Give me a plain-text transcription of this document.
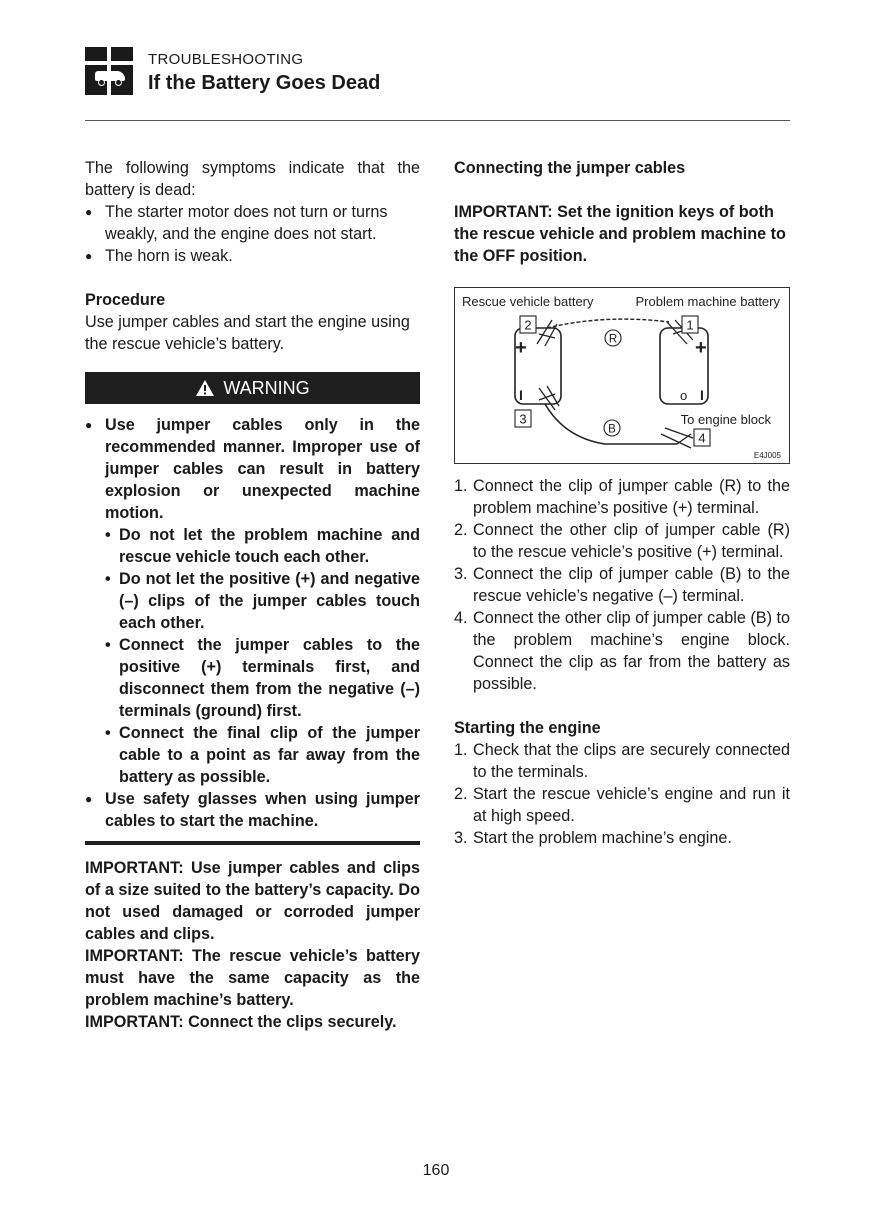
TROUBLESHOOTING
If the Battery Goes Dead

The following symptoms indicate that the battery is dead:

● The starter motor does not turn or turns weakly, and the engine does not start.
● The horn is weak.

Procedure

Use jumper cables and start the engine using the rescue vehicle’s battery.

WARNING
● Use jumper cables only in the recommended manner. Improper use of jumper cables can result in battery explosion or unexpected machine motion.
• Do not let the problem machine and rescue vehicle touch each other.
• Do not let the positive (+) and negative (–) clips of the jumper cables touch each other.
• Connect the jumper cables to the positive (+) terminals first, and disconnect them from the negative (–) terminals (ground) first.
• Connect the final clip of the jumper cable to a point as far away from the battery as possible.
● Use safety glasses when using jumper cables to start the machine.

IMPORTANT: Use jumper cables and clips of a size suited to the battery’s capacity. Do not used damaged or corroded jumper cables and clips.

IMPORTANT: The rescue vehicle’s battery must have the same capacity as the problem machine’s battery.

IMPORTANT: Connect the clips securely.

Connecting the jumper cables

IMPORTANT: Set the ignition keys of both the rescue vehicle and problem machine to the OFF position.

Rescue vehicle battery	Problem machine battery
+	+
I	o I
R
B
2	1
3
4
To engine block
E4J005
1. Connect the clip of jumper cable (R) to the problem machine’s positive (+) terminal.
2. Connect the other clip of jumper cable (R) to the rescue vehicle’s positive (+) terminal.
3. Connect the clip of jumper cable (B) to the rescue vehicle’s negative (–) terminal.
4. Connect the other clip of jumper cable (B) to the problem machine’s engine block. Connect the clip as far from the battery as possible.

Starting the engine

1. Check that the clips are securely connected to the terminals.
2. Start the rescue vehicle’s engine and run it at high speed.
3. Start the problem machine’s engine.
160
